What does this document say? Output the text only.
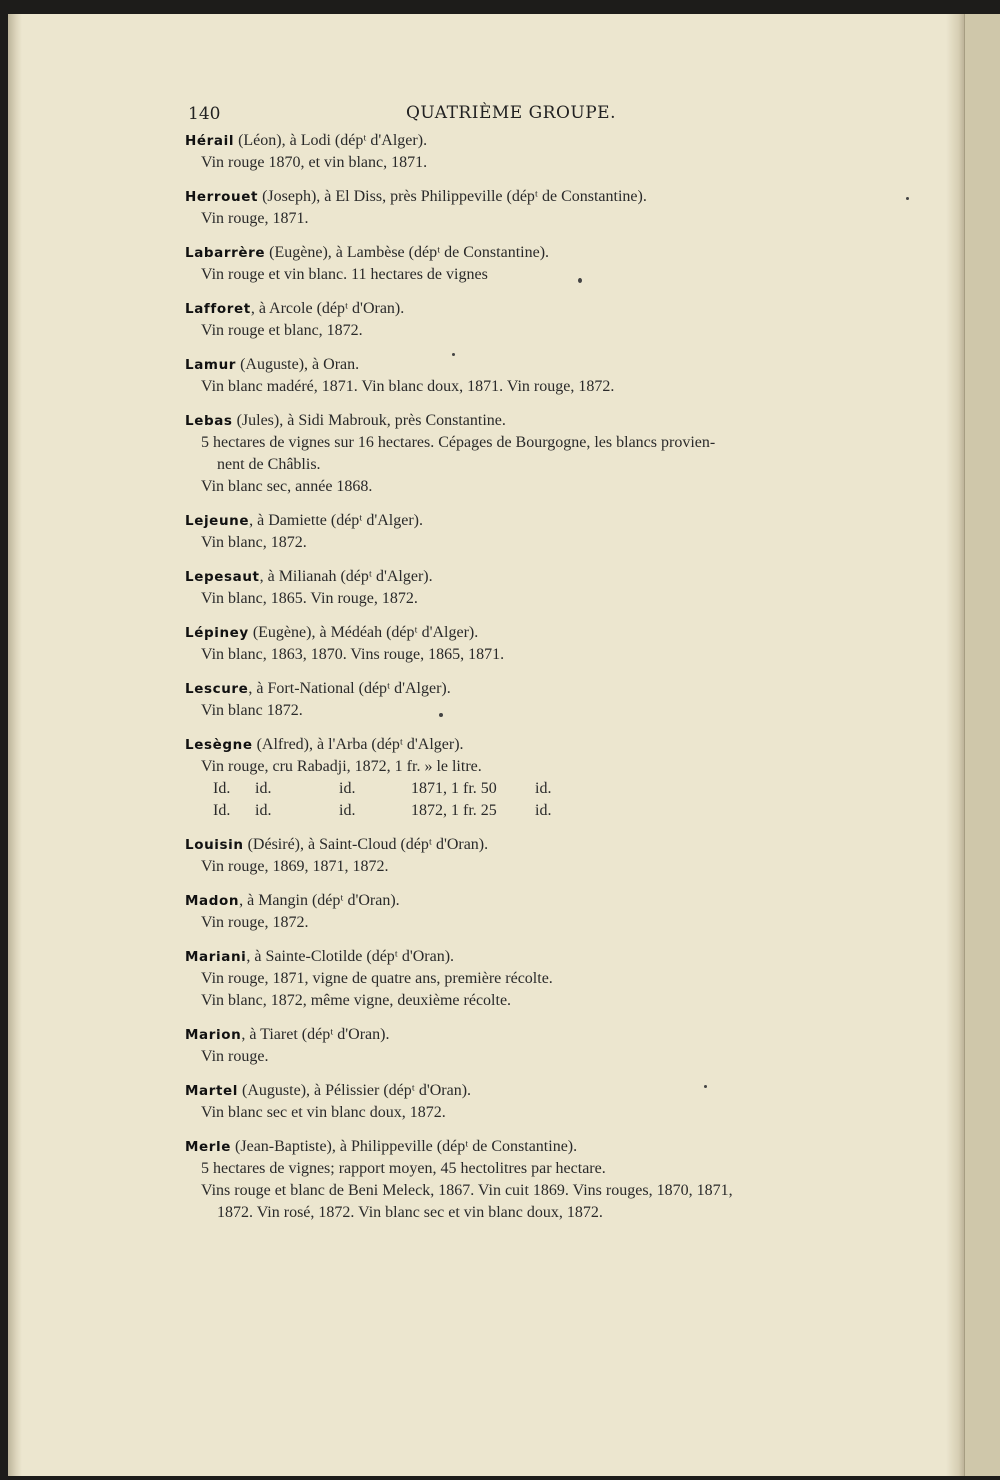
140	QUATRIÈME GROUPE.
Hérail (Léon), à Lodi (dépᵗ d'Alger).
Vin rouge 1870, et vin blanc, 1871.
Herrouet (Joseph), à El Diss, près Philippeville (dépᵗ de Constantine).
Vin rouge, 1871.
Labarrère (Eugène), à Lambèse (dépᵗ de Constantine).
Vin rouge et vin blanc. 11 hectares de vignes
Lafforet, à Arcole (dépᵗ d'Oran).
Vin rouge et blanc, 1872.
Lamur (Auguste), à Oran.
Vin blanc madéré, 1871. Vin blanc doux, 1871. Vin rouge, 1872.
Lebas (Jules), à Sidi Mabrouk, près Constantine.
5 hectares de vignes sur 16 hectares. Cépages de Bourgogne, les blancs provien-
nent de Châblis.
Vin blanc sec, année 1868.
Lejeune, à Damiette (dépᵗ d'Alger).
Vin blanc, 1872.
Lepesaut, à Milianah (dépᵗ d'Alger).
Vin blanc, 1865. Vin rouge, 1872.
Lépiney (Eugène), à Médéah (dépᵗ d'Alger).
Vin blanc, 1863, 1870. Vins rouge, 1865, 1871.
Lescure, à Fort-National (dépᵗ d'Alger).
Vin blanc 1872.
Lesègne (Alfred), à l'Arba (dépᵗ d'Alger).
Vin rouge, cru Rabadji, 1872, 1 fr. » le litre.
Id.	id.	id.	1871, 1 fr. 50	id.
Id.	id.	id.	1872, 1 fr. 25	id.
Louisin (Désiré), à Saint-Cloud (dépᵗ d'Oran).
Vin rouge, 1869, 1871, 1872.
Madon, à Mangin (dépᵗ d'Oran).
Vin rouge, 1872.
Mariani, à Sainte-Clotilde (dépᵗ d'Oran).
Vin rouge, 1871, vigne de quatre ans, première récolte.
Vin blanc, 1872, même vigne, deuxième récolte.
Marion, à Tiaret (dépᵗ d'Oran).
Vin rouge.
Martel (Auguste), à Pélissier (dépᵗ d'Oran).
Vin blanc sec et vin blanc doux, 1872.
Merle (Jean-Baptiste), à Philippeville (dépᵗ de Constantine).
5 hectares de vignes; rapport moyen, 45 hectolitres par hectare.
Vins rouge et blanc de Beni Meleck, 1867. Vin cuit 1869. Vins rouges, 1870, 1871,
1872. Vin rosé, 1872. Vin blanc sec et vin blanc doux, 1872.
